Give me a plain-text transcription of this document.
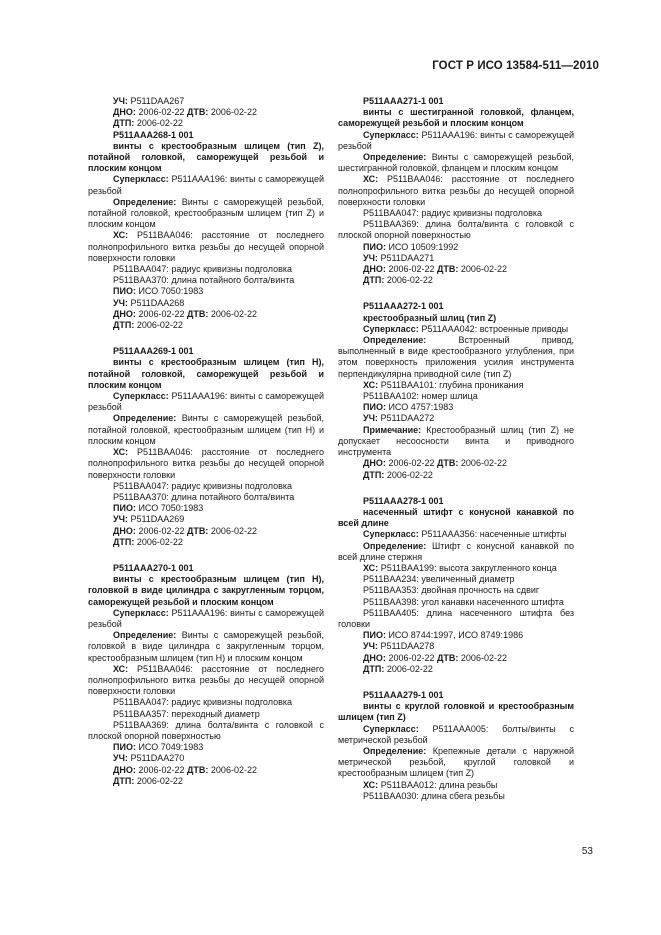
ГОСТ Р ИСО 13584-511—2010

УЧ: P511DAA267

ДНО: 2006-02-22 ДТВ: 2006-02-22

ДТП: 2006-02-22

P511AAA268-1 001

винты с крестообразным шлицем (тип Z), потайной головкой, саморежущей резьбой и плоским концом

Суперкласс: P511AAA196: винты с саморежущей резьбой

Определение: Винты с саморежущей резьбой, потайной головкой, крестообразным шлицем (тип Z) и плоским концом

ХС: P511BAA046: расстояние от последнего полнопрофильного витка резьбы до несущей опорной поверхности головки

P511BAA047: радиус кривизны подголовка

P511BAA370: длина потайного болта/винта

ПИО: ИСО 7050:1983

УЧ: P511DAA268

ДНО: 2006-02-22 ДТВ: 2006-02-22

ДТП: 2006-02-22

P511AAA269-1 001

винты с крестообразным шлицем (тип H), потайной головкой, саморежущей резьбой и плоским концом

Суперкласс: P511AAA196: винты с саморежущей резьбой

Определение: Винты с саморежущей резьбой, потайной головкой, крестообразным шлицем (тип H) и плоским концом

ХС: P511BAA046: расстояние от последнего полнопрофильного витка резьбы до несущей опорной поверхности головки

P511BAA047: радиус кривизны подголовка

P511BAA370: длина потайного болта/винта

ПИО: ИСО 7050:1983

УЧ: P511DAA269

ДНО: 2006-02-22 ДТВ: 2006-02-22

ДТП: 2006-02-22

P511AAA270-1 001

винты с крестообразным шлицем (тип H), головкой в виде цилиндра с закругленным торцом, саморежущей резьбой и плоским концом

Суперкласс: P511AAA196: винты с саморежущей резьбой

Определение: Винты с саморежущей резьбой, головкой в виде цилиндра с закругленным торцом, крестообразным шлицем (тип H) и плоским концом

ХС: P511BAA046: расстояние от последнего полнопрофильного витка резьбы до несущей опорной поверхности головки

P511BAA047: радиус кривизны подголовка

P511BAA357: переходный диаметр

P511BAA369: длина болта/винта с головкой с плоской опорной поверхностью

ПИО: ИСО 7049:1983

УЧ: P511DAA270

ДНО: 2006-02-22 ДТВ: 2006-02-22

ДТП: 2006-02-22

P511AAA271-1 001

винты с шестигранной головкой, фланцем, саморежущей резьбой и плоским концом

Суперкласс: P511AAA196: винты с саморежущей резьбой

Определение: Винты с саморежущей резьбой, шестигранной головкой, фланцем и плоским концом

ХС: P511BAA046: расстояние от последнего полнопрофильного витка резьбы до несущей опорной поверхности головки

P511BAA047: радиус кривизны подголовка

P511BAA369: длина болта/винта с головкой с плоской опорной поверхностью

ПИО: ИСО 10509:1992

УЧ: P511DAA271

ДНО: 2006-02-22 ДТВ: 2006-02-22

ДТП: 2006-02-22

P511AAA272-1 001

крестообразный шлиц (тип Z)

Суперкласс: P511AAA042: встроенные приводы

Определение:	Встроенный привод, выполненный в виде крестообразного углубления, при этом поверхность приложения усилия инструмента перпендикулярна приводной силе (тип Z)

ХС: P511BAA101: глубина проникания

P511BAA102: номер шлица

ПИО: ИСО 4757:1983

УЧ: P511DAA272

Примечание: Крестообразный шлиц (тип Z) не допускает несоосности винта и приводного инструмента

ДНО: 2006-02-22 ДТВ: 2006-02-22

ДТП: 2006-02-22

P511AAA278-1 001

насеченный штифт с конусной канавкой по всей длине

Суперкласс: P511AAA356: насеченные штифты

Определение: Штифт с конусной канавкой по всей длине стержня

ХС: P511BAA199: высота закругленного конца

P511BAA234: увеличенный диаметр

P511BAA353: двойная прочность на сдвиг

P511BAA398: угол канавки насеченного штифта

P511BAA405: длина насеченного штифта без головки

ПИО: ИСО 8744:1997, ИСО 8749:1986

УЧ: P511DAA278

ДНО: 2006-02-22 ДТВ: 2006-02-22

ДТП: 2006-02-22

P511AAA279-1 001

винты с круглой головкой и крестообразным шлицем (тип Z)

Суперкласс: P511AAA005: болты/винты с метрической резьбой

Определение: Крепежные детали с наружной метрической резьбой, круглой головкой и крестообразным шлицем (тип Z)

ХС: P511BAA012: длина резьбы

P511BAA030: длина сбега резьбы

53
